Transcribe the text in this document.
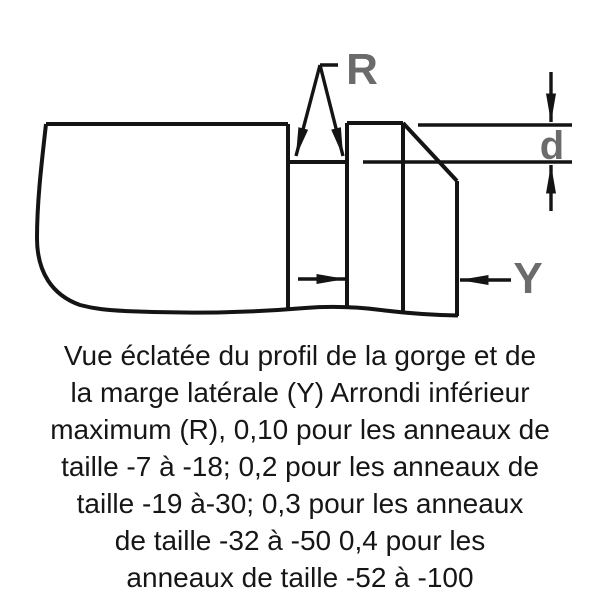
R
d
Y
Vue éclatée du profil de la gorge et de
la marge latérale (Y) Arrondi inférieur
maximum (R), 0,10 pour les anneaux de
taille -7 à -18; 0,2 pour les anneaux de
taille -19 à-30; 0,3 pour les anneaux
de taille -32 à -50 0,4 pour les
anneaux de taille -52 à -100
